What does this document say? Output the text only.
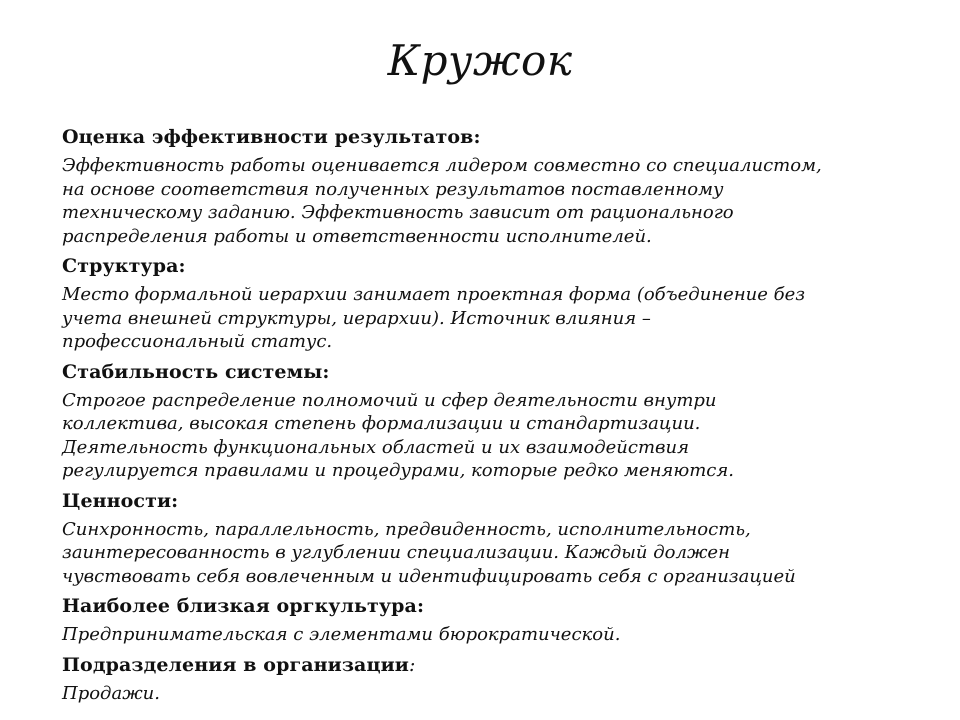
Кружок

Оценка эффективности результатов:

Эффективность работы оценивается лидером совместно со специалистом,
на основе соответствия полученных результатов поставленному
техническому заданию. Эффективность зависит от рационального
распределения работы и ответственности исполнителей.

Структура:

Место формальной иерархии занимает проектная форма (объединение без
учета внешней структуры, иерархии). Источник влияния –
профессиональный статус.

Стабильность системы:

Строгое распределение полномочий и сфер деятельности внутри
коллектива, высокая степень формализации и стандартизации.
Деятельность функциональных областей и их взаимодействия
регулируется правилами и процедурами, которые редко меняются.

Ценности:

Синхронность, параллельность, предвиденность, исполнительность,
заинтересованность в углублении специализации. Каждый должен
чувствовать себя вовлеченным и идентифицировать себя с организацией

Наиболее близкая оргкультура:

Предпринимательская с элементами бюрократической.

Подразделения в организации:

Продажи.
